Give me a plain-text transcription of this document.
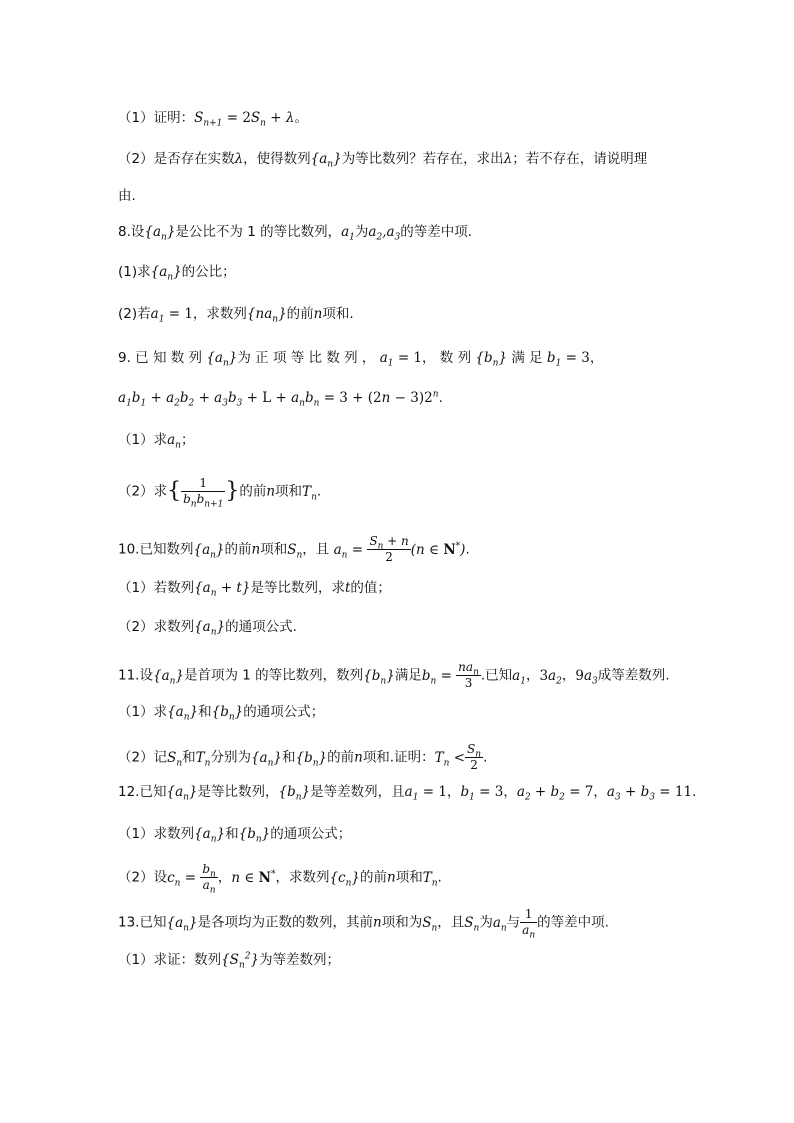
（1）证明：$S_{n+1} = 2S_n + \lambda$。
（2）是否存在实数λ，使得数列$\{a_n\}$为等比数列？若存在，求出λ；若不存在，请说明理
由.
8.设$\{a_n\}$是公比不为 1 的等比数列，$a_1$为$a_2,a_3$的等差中项.
(1)求$\{a_n\}$的公比；
(2)若$a_1 = 1$，求数列$\{na_n\}$的前n项和.
9. 已 知 数 列 $\{a_n\}$为 正 项 等 比 数 列 ， $a_1 = 1$， 数 列 $\{b_n\}$ 满 足 $b_1 = 3$，
$a_1b_1 + a_2b_2 + a_3b_3 + L + a_nb_n = 3 + (2n - 3)2^n$.
（1）求$a_n$；
（2）求{ $\frac{1}{b_nb_{n+1}}$ }的前n项和$T_n$.
10.已知数列$\{a_n\}$的前n项和$S_n$，且 $a_n = \frac{S_n + n}{2} (n$ ∈ N*).
（1）若数列$\{a_n + t\}$是等比数列，求t的值；
（2）求数列$\{a_n\}$的通项公式.
11.设$\{a_n\}$是首项为 1 的等比数列，数列$\{b_n\}$满足$b_n = \frac{na_n}{3}$ .已知$a_1$，$3a_2$，$9a_3$成等差数列.
（1）求$\{a_n\}$和$\{b_n\}$的通项公式；
（2）记$S_n$和$T_n$分别为$\{a_n\}$和$\{b_n\}$的前n项和.证明：$T_n < \frac{S_n}{2}$ .
12.已知$\{a_n\}$是等比数列，$\{b_n\}$是等差数列，且$a_1 = 1$，$b_1 = 3$，$a_2 + b_2 = 7$，$a_3 + b_3 = 11$.
（1）求数列$\{a_n\}$和$\{b_n\}$的通项公式；
（2）设$c_n = \frac{b_n}{a_n}$ ，n ∈ N*，求数列$\{c_n\}$的前n项和$T_n$.
13.已知$\{a_n\}$是各项均为正数的数列，其前n项和为$S_n$，且$S_n$为$a_n$与 $\frac{1}{a_n}$ 的等差中项.
（1）求证：数列$\{S_n^2\}$为等差数列；
